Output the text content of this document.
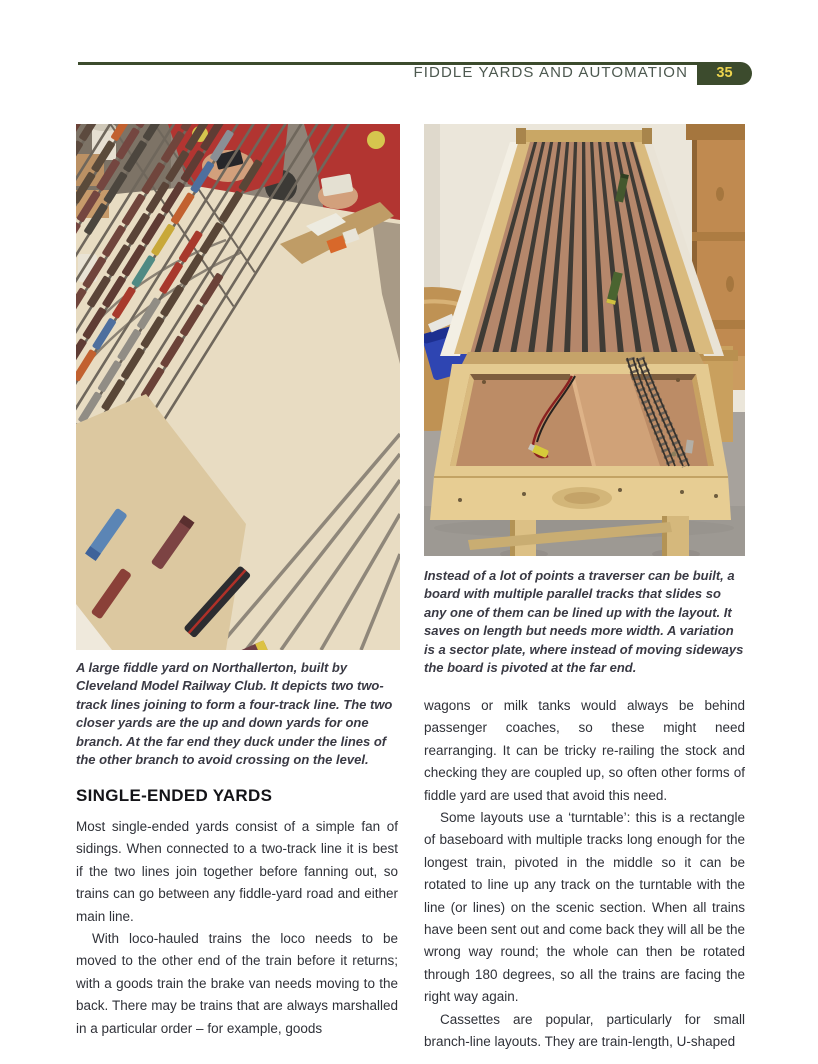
FIDDLE YARDS AND AUTOMATION	35
Instead of a lot of points a traverser can be built, a board with multiple parallel tracks that slides so any one of them can be lined up with the layout. It saves on length but needs more width. A variation is a sector plate, where instead of moving sideways the board is pivoted at the far end.
A large fiddle yard on Northallerton, built by Cleveland Model Railway Club. It depicts two two-track lines joining to form a four-track line. The two closer yards are the up and down yards for one branch. At the far end they duck under the lines of the other branch to avoid crossing on the level.
SINGLE-ENDED YARDS

Most single-ended yards consist of a simple fan of sidings. When connected to a two-track line it is best if the two lines join together before fanning out, so trains can go between any fiddle-yard road and either main line.

With loco-hauled trains the loco needs to be moved to the other end of the train before it returns; with a goods train the brake van needs moving to the back. There may be trains that are always marshalled in a particular order – for example, goods

wagons or milk tanks would always be behind passenger coaches, so these might need rearranging. It can be tricky re-railing the stock and checking they are coupled up, so often other forms of fiddle yard are used that avoid this need.

Some layouts use a ‘turntable’: this is a rectangle of baseboard with multiple tracks long enough for the longest train, pivoted in the middle so it can be rotated to line up any track on the turntable with the line (or lines) on the scenic section. When all trains have been sent out and come back they will all be the wrong way round; the whole can then be rotated through 180 degrees, so all the trains are facing the right way again.

Cassettes are popular, particularly for small branch-line layouts. They are train-length, U-shaped
